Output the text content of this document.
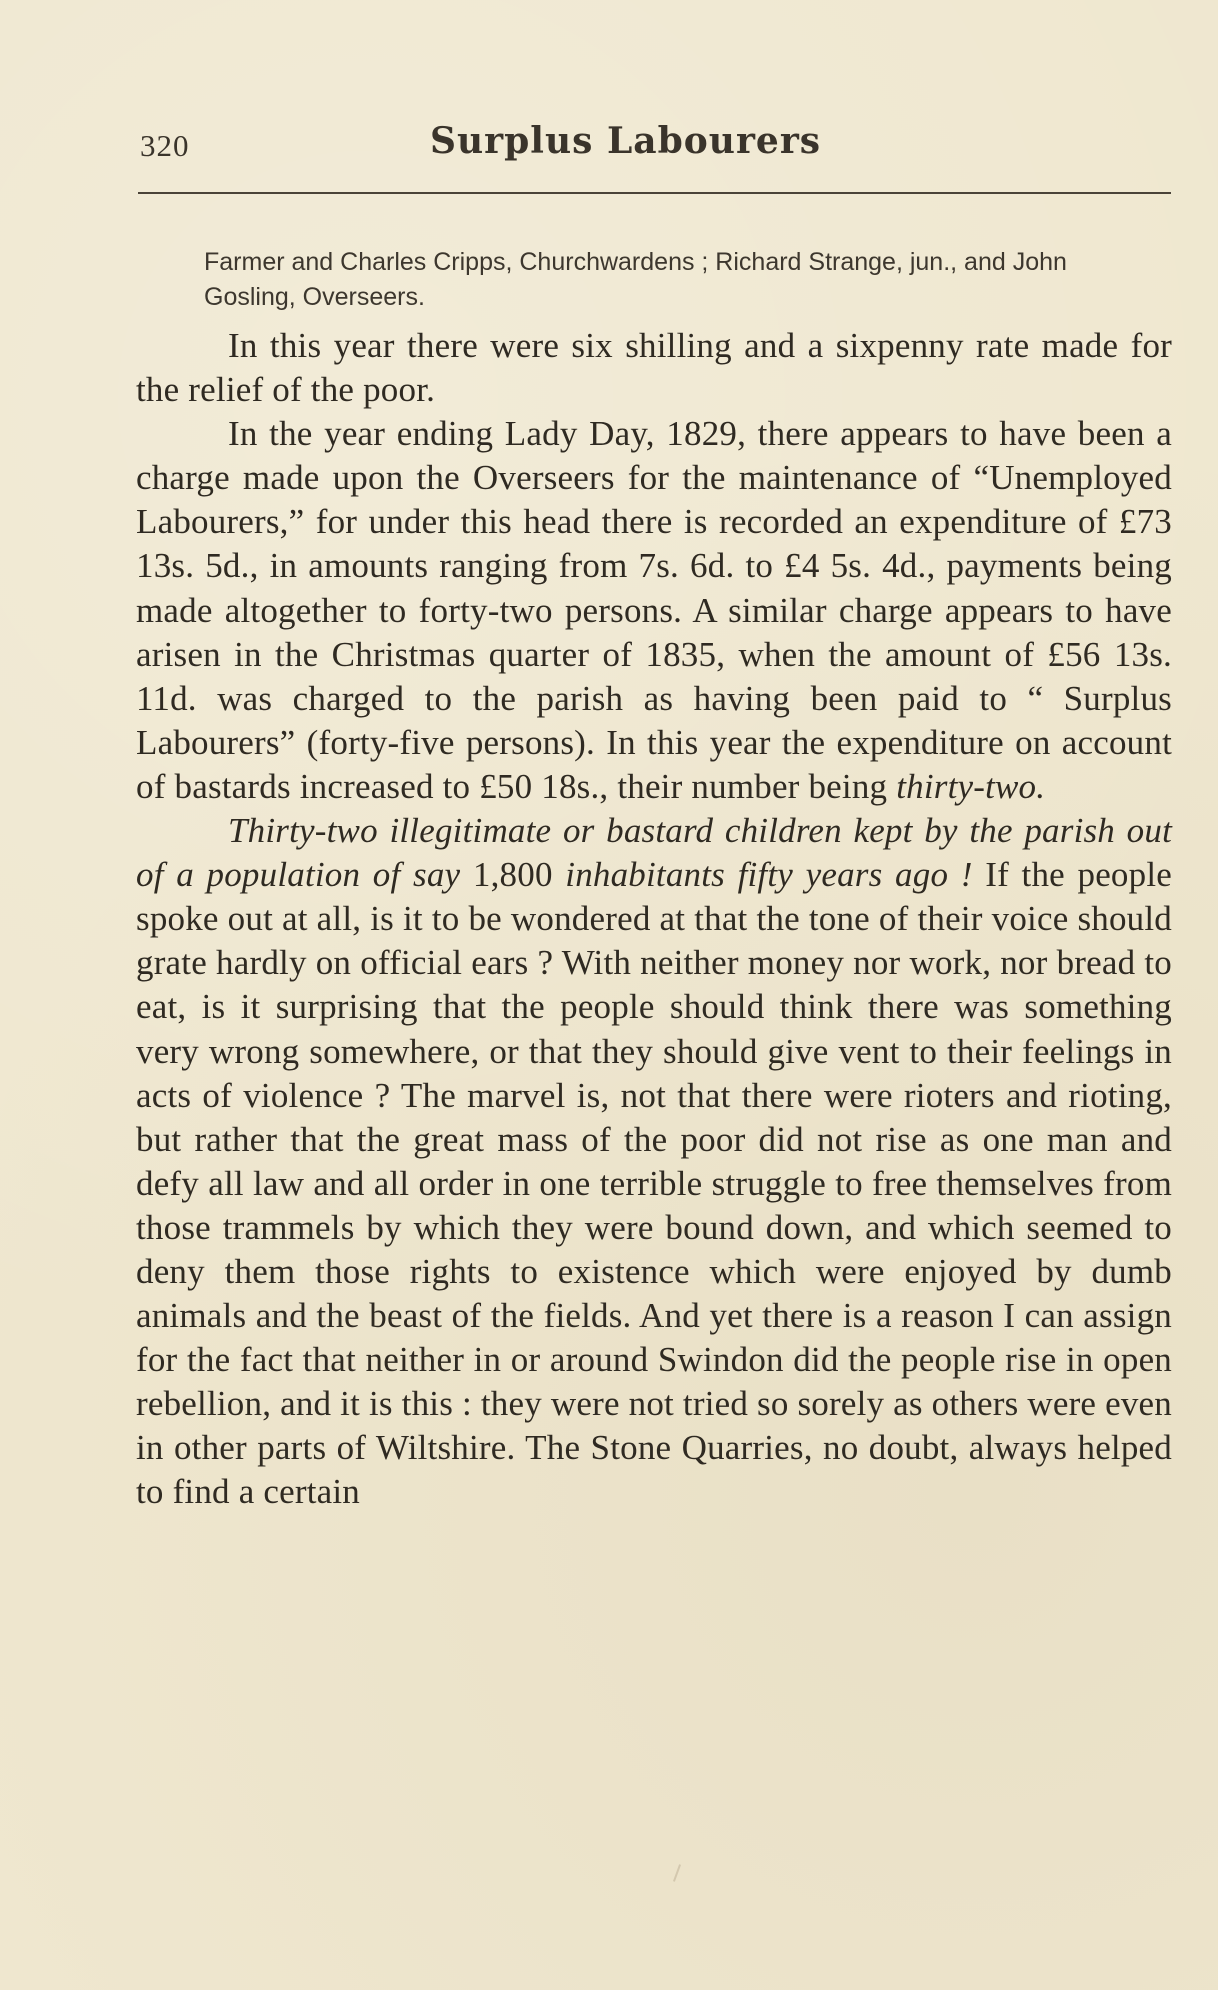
320	Surplus Labourers
Farmer and Charles Cripps, Churchwardens ; Richard Strange, jun., and John Gosling, Overseers.

In this year there were six shilling and a sixpenny rate made for the relief of the poor.

In the year ending Lady Day, 1829, there appears to have been a charge made upon the Overseers for the maintenance of “Unemployed Labourers,” for under this head there is recorded an expenditure of £73 13s. 5d., in amounts ranging from 7s. 6d. to £4 5s. 4d., payments being made altogether to forty-two persons. A similar charge appears to have arisen in the Christmas quarter of 1835, when the amount of £56 13s. 11d. was charged to the parish as having been paid to “ Surplus Labourers” (forty-five persons). In this year the expenditure on account of bastards increased to £50 18s., their number being thirty-two.

Thirty-two illegitimate or bastard children kept by the parish out of a population of say 1,800 inhabitants fifty years ago ! If the people spoke out at all, is it to be wondered at that the tone of their voice should grate hardly on official ears ? With neither money nor work, nor bread to eat, is it surprising that the people should think there was something very wrong somewhere, or that they should give vent to their feelings in acts of violence ? The marvel is, not that there were rioters and rioting, but rather that the great mass of the poor did not rise as one man and defy all law and all order in one terrible struggle to free themselves from those trammels by which they were bound down, and which seemed to deny them those rights to existence which were enjoyed by dumb animals and the beast of the fields. And yet there is a reason I can assign for the fact that neither in or around Swindon did the people rise in open rebellion, and it is this : they were not tried so sorely as others were even in other parts of Wiltshire. The Stone Quarries, no doubt, always helped to find a certain
